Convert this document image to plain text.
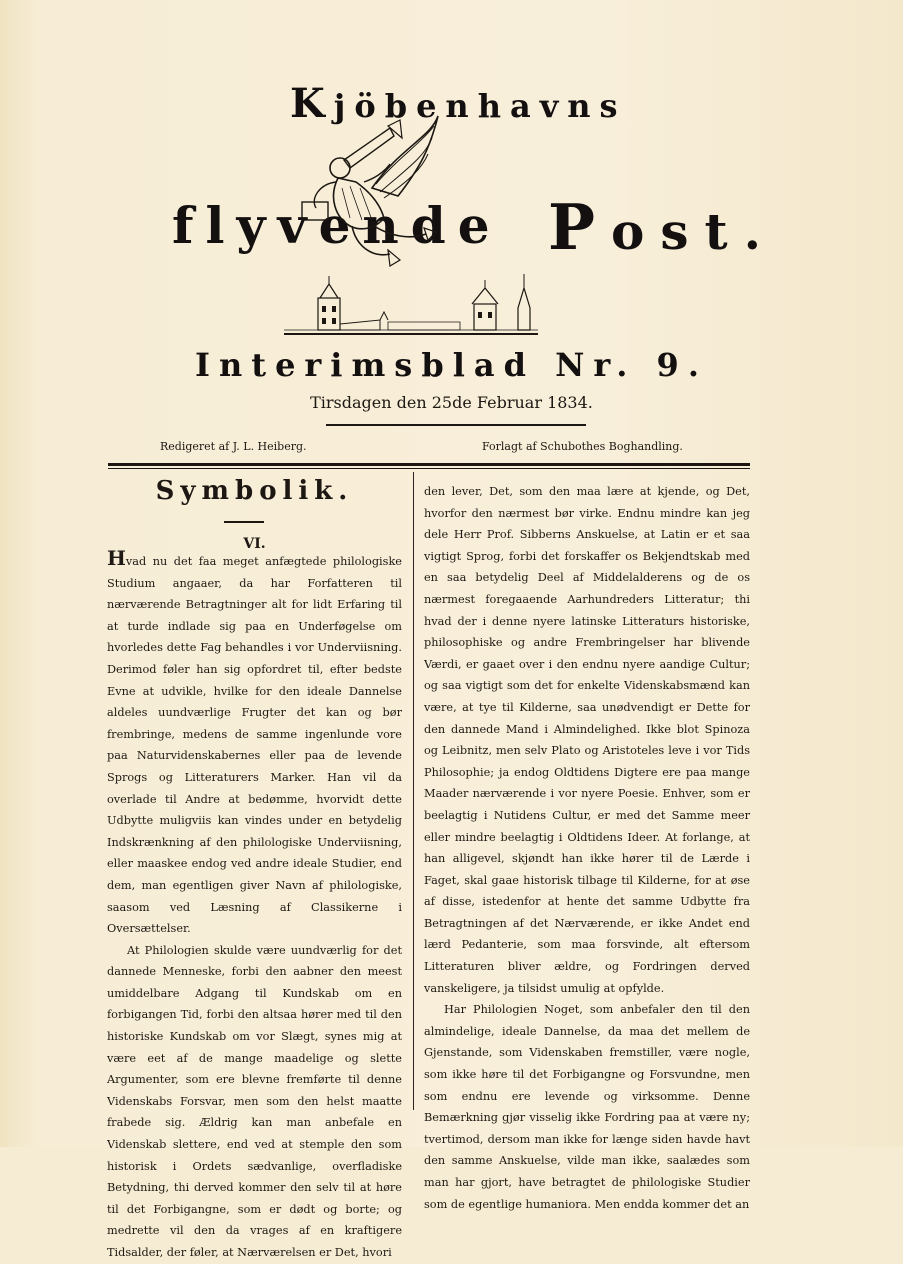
Kjöbenhavns
flyvende Post.
Interimsblad Nr. 9.
Tirsdagen den 25de Februar 1834.
Redigeret af J. L. Heiberg.	Forlagt af Schubothes Boghandling.
Symbolik.
VI.

Hvad nu det faa meget anfægtede philologiske Studium angaaer, da har Forfatteren til nærværende Betragtninger alt for lidt Erfaring til at turde indlade sig paa en Underføgelse om hvorledes dette Fag behandles i vor Underviisning. Derimod føler han sig opfordret til, efter bedste Evne at udvikle, hvilke for den ideale Dannelse aldeles uundværlige Frugter det kan og bør frembringe, medens de samme ingenlunde vore paa Naturvidenskabernes eller paa de levende Sprogs og Litteraturers Marker. Han vil da overlade til Andre at bedømme, hvorvidt dette Udbytte muligviis kan vindes under en betydelig Indskrænkning af den philologiske Underviisning, eller maaskee endog ved andre ideale Studier, end dem, man egentligen giver Navn af philologiske, saasom ved Læsning af Classikerne i Oversættelser.

At Philologien skulde være uundværlig for det dannede Menneske, forbi den aabner den meest umiddelbare Adgang til Kundskab om en forbigangen Tid, forbi den altsaa hører med til den historiske Kundskab om vor Slægt, synes mig at være eet af de mange maadelige og slette Argumenter, som ere blevne fremførte til denne Videnskabs Forsvar, men som den helst maatte frabede sig. Ældrig kan man anbefale en Videnskab slettere, end ved at stemple den som historisk i Ordets sædvanlige, overfladiske Betydning, thi derved kommer den selv til at høre til det Forbigangne, som er dødt og borte; og medrette vil den da vrages af en kraftigere Tidsalder, der føler, at Nærværelsen er Det, hvori

den lever, Det, som den maa lære at kjende, og Det, hvorfor den nærmest bør virke. Endnu mindre kan jeg dele Herr Prof. Sibberns Anskuelse, at Latin er et saa vigtigt Sprog, forbi det forskaffer os Bekjendtskab med en saa betydelig Deel af Middelalderens og de os nærmest foregaaende Aarhundreders Litteratur; thi hvad der i denne nyere latinske Litteraturs historiske, philosophiske og andre Frembringelser har blivende Værdi, er gaaet over i den endnu nyere aandige Cultur; og saa vigtigt som det for enkelte Videnskabsmænd kan være, at tye til Kilderne, saa unødvendigt er Dette for den dannede Mand i Almindelighed. Ikke blot Spinoza og Leibnitz, men selv Plato og Aristoteles leve i vor Tids Philosophie; ja endog Oldtidens Digtere ere paa mange Maader nærværende i vor nyere Poesie. Enhver, som er beelagtig i Nutidens Cultur, er med det Samme meer eller mindre beelagtig i Oldtidens Ideer. At forlange, at han alligevel, skjøndt han ikke hører til de Lærde i Faget, skal gaae historisk tilbage til Kilderne, for at øse af disse, istedenfor at hente det samme Udbytte fra Betragtningen af det Nærværende, er ikke Andet end lærd Pedanterie, som maa forsvinde, alt eftersom Litteraturen bliver ældre, og Fordringen derved vanskeligere, ja tilsidst umulig at opfylde.

Har Philologien Noget, som anbefaler den til den almindelige, ideale Dannelse, da maa det mellem de Gjenstande, som Videnskaben fremstiller, være nogle, som ikke høre til det Forbigangne og Forsvundne, men som endnu ere levende og virksomme. Denne Bemærkning gjør visselig ikke Fordring paa at være ny; tvertimod, dersom man ikke for længe siden havde havt den samme Anskuelse, vilde man ikke, saalædes som man har gjort, have betragtet de philologiske Studier som de egentlige humaniora. Men endda kommer det an
